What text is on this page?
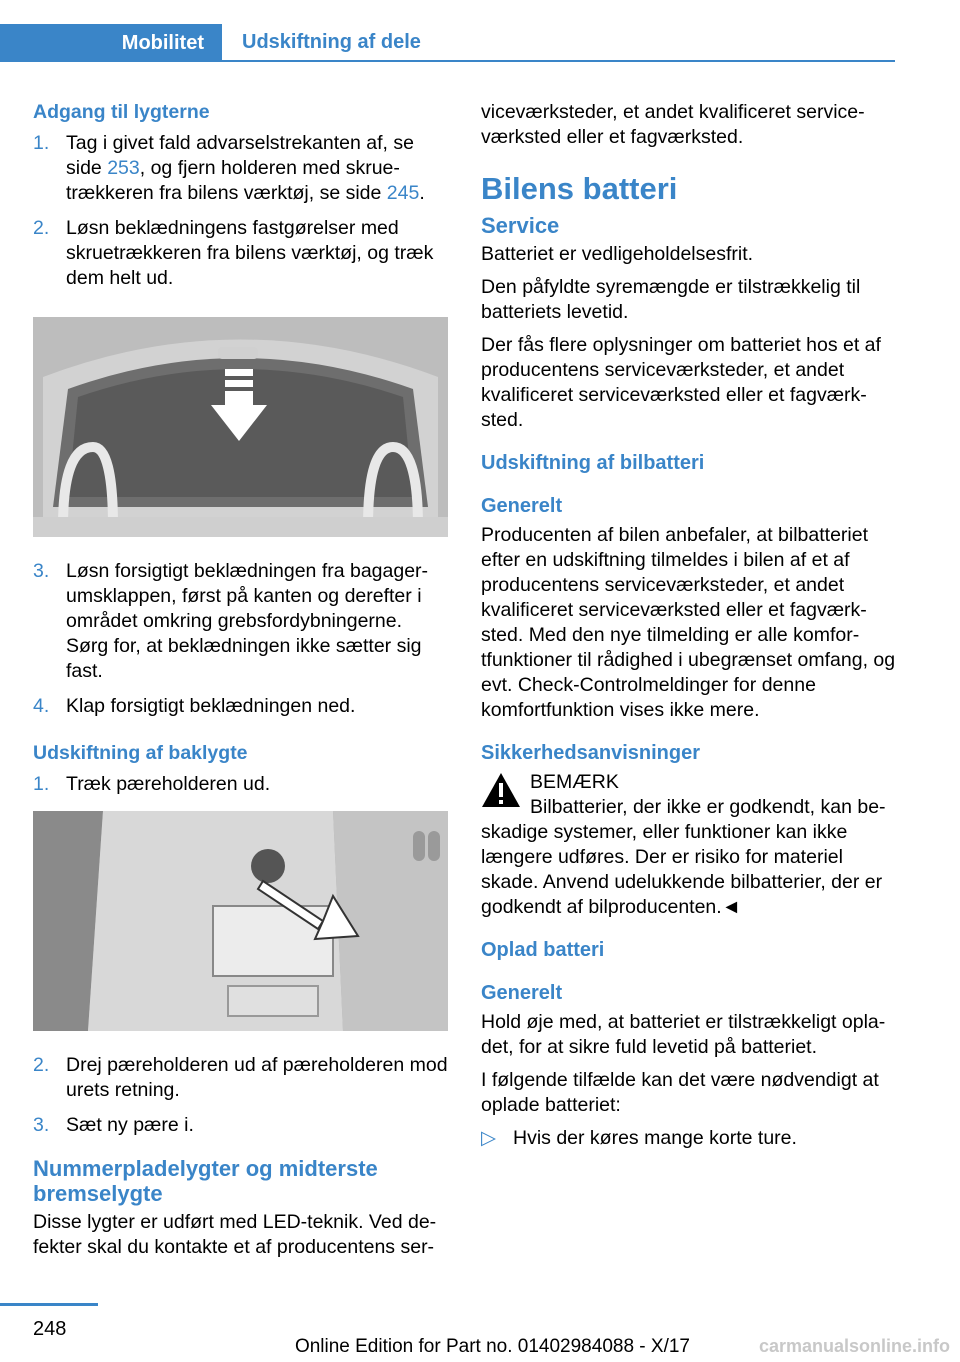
Mobilitet	Udskiftning af dele
Adgang til lygterne
1. Tag i givet fald advarselstrekanten af, se side 253, og fjern holderen med skrue-trækkeren fra bilens værktøj, se side 245.
2. Løsn beklædningens fastgørelser med skruetrækkeren fra bilens værktøj, og træk dem helt ud.
3. Løsn forsigtigt beklædningen fra bagager-umsklappen, først på kanten og derefter i området omkring grebsfordybningerne. Sørg for, at beklædningen ikke sætter sig fast.
4. Klap forsigtigt beklædningen ned.
Udskiftning af baklygte
1. Træk pæreholderen ud.
2. Drej pæreholderen ud af pæreholderen mod urets retning.
3. Sæt ny pære i.
Nummerpladelygter og midterste bremselygte

Disse lygter er udført med LED-teknik. Ved de-fekter skal du kontakte et af producentens ser-

viceværksteder, et andet kvalificeret service-værksted eller et fagværksted.

Bilens batteri
Service

Batteriet er vedligeholdelsesfrit.

Den påfyldte syremængde er tilstrækkelig til batteriets levetid.

Der fås flere oplysninger om batteriet hos et af producentens serviceværksteder, et andet kvalificeret serviceværksted eller et fagværk-sted.

Udskiftning af bilbatteri
Generelt

Producenten af bilen anbefaler, at bilbatteriet efter en udskiftning tilmeldes i bilen af et af producentens serviceværksteder, et andet kvalificeret serviceværksted eller et fagværk-sted. Med den nye tilmelding er alle komfor-tfunktioner til rådighed i ubegrænset omfang, og evt. Check-Controlmeldinger for denne komfortfunktion vises ikke mere.

Sikkerhedsanvisninger
BEMÆRK
Bilbatterier, der ikke er godkendt, kan be-

skadige systemer, eller funktioner kan ikke længere udføres. Der er risiko for materiel skade. Anvend udelukkende bilbatterier, der er godkendt af bilproducenten.◄

Oplad batteri
Generelt

Hold øje med, at batteriet er tilstrækkeligt opla-det, for at sikre fuld levetid på batteriet.

I følgende tilfælde kan det være nødvendigt at oplade batteriet:

▷ Hvis der køres mange korte ture.
248
Online Edition for Part no. 01402984088 - X/17	carmanualsonline.info
